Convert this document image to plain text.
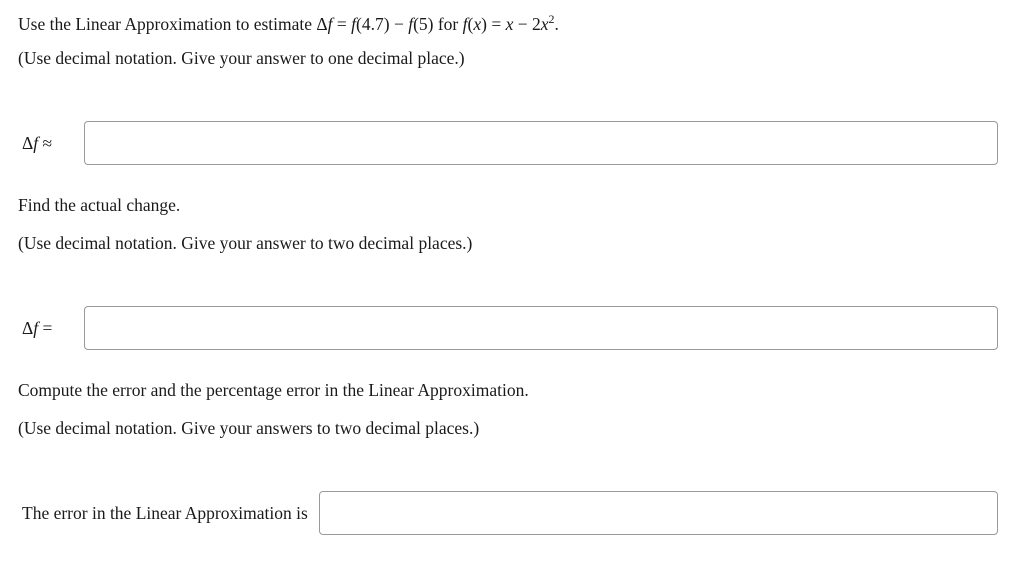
Use the Linear Approximation to estimate Δf = f(4.7) − f(5) for $f(x) = x - 2x^2$.
(Use decimal notation. Give your answer to one decimal place.)
Δf ≈
Find the actual change.
(Use decimal notation. Give your answer to two decimal places.)
Δf =
Compute the error and the percentage error in the Linear Approximation.
(Use decimal notation. Give your answers to two decimal places.)
The error in the Linear Approximation is
